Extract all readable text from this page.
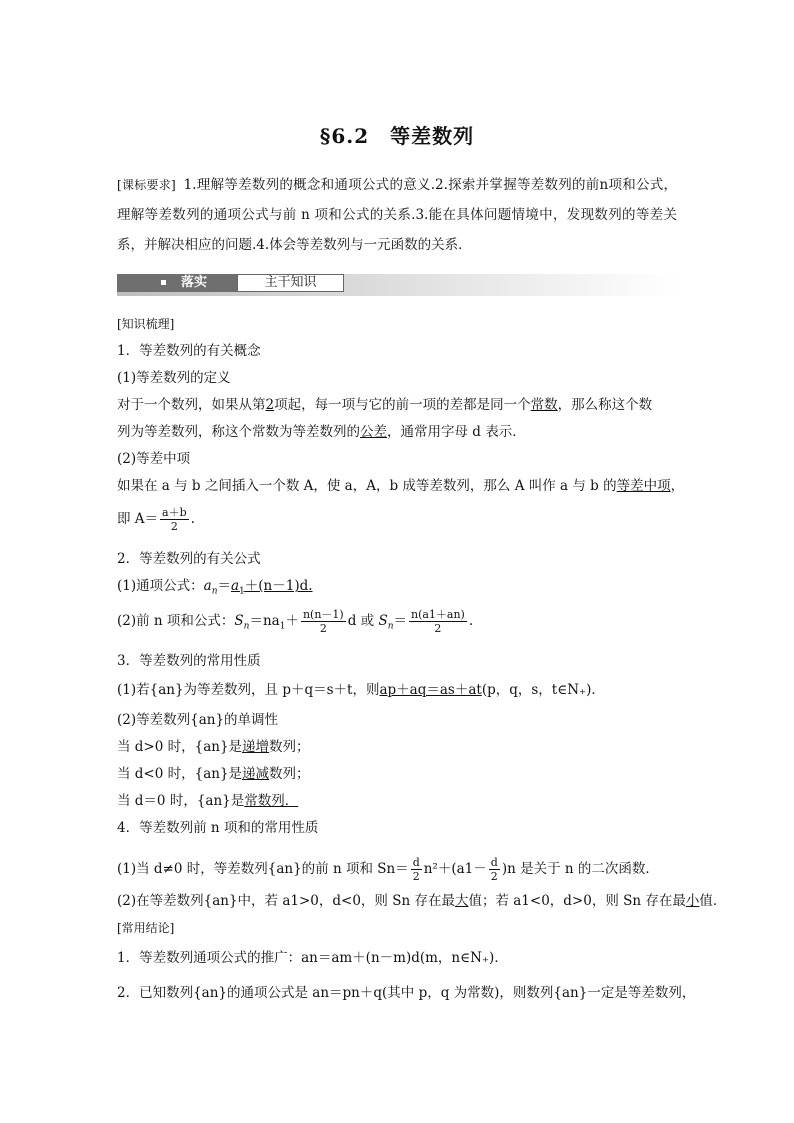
§6.2　等差数列
[课标要求] 1.理解等差数列的概念和通项公式的意义.2.探索并掌握等差数列的前n项和公式，理解等差数列的通项公式与前 n 项和公式的关系.3.能在具体问题情境中，发现数列的等差关系，并解决相应的问题.4.体会等差数列与一元函数的关系．
落实	主干知识
[知识梳理]
1．等差数列的有关概念
(1)等差数列的定义
对于一个数列，如果从第2项起，每一项与它的前一项的差都是同一个常数，那么称这个数
列为等差数列，称这个常数为等差数列的公差，通常用字母 d 表示．
(2)等差中项
如果在 a 与 b 之间插入一个数 A，使 a，A，b 成等差数列，那么 A 叫作 a 与 b 的等差中项，
即 $A= \frac{a+b}{2}$ .
2．等差数列的有关公式
(1)通项公式：$a_n=a_1+(n-1)d$.
(2)前 n 项和公式：$S_n=na_1+ \frac{n(n-1)}{2}$ d 或 $S_n= \frac{n(a1+an)}{2}$ .
3．等差数列的常用性质
(1)若{an}为等差数列，且 p＋q＝s＋t，则ap＋aq＝as＋at(p，q，s，t∈N₊)．
(2)等差数列{an}的单调性
当 d>0 时，{an}是递增数列；
当 d<0 时，{an}是递减数列；
当 d＝0 时，{an}是常数列．
4．等差数列前 n 项和的常用性质
(1)当 d≠0 时，等差数列{an}的前 n 项和 $Sn= \frac{d}{2} n^2+(a1- \frac{d}{2} )n$ 是关于 n 的二次函数．
(2)在等差数列{an}中，若 a1>0，d<0，则 Sn 存在最大值；若 a1<0，d>0，则 Sn 存在最小值．
[常用结论]
1．等差数列通项公式的推广：an＝am＋(n－m)d(m，n∈N₊)．
2．已知数列{an}的通项公式是 an＝pn＋q(其中 p，q 为常数)，则数列{an}一定是等差数列，
